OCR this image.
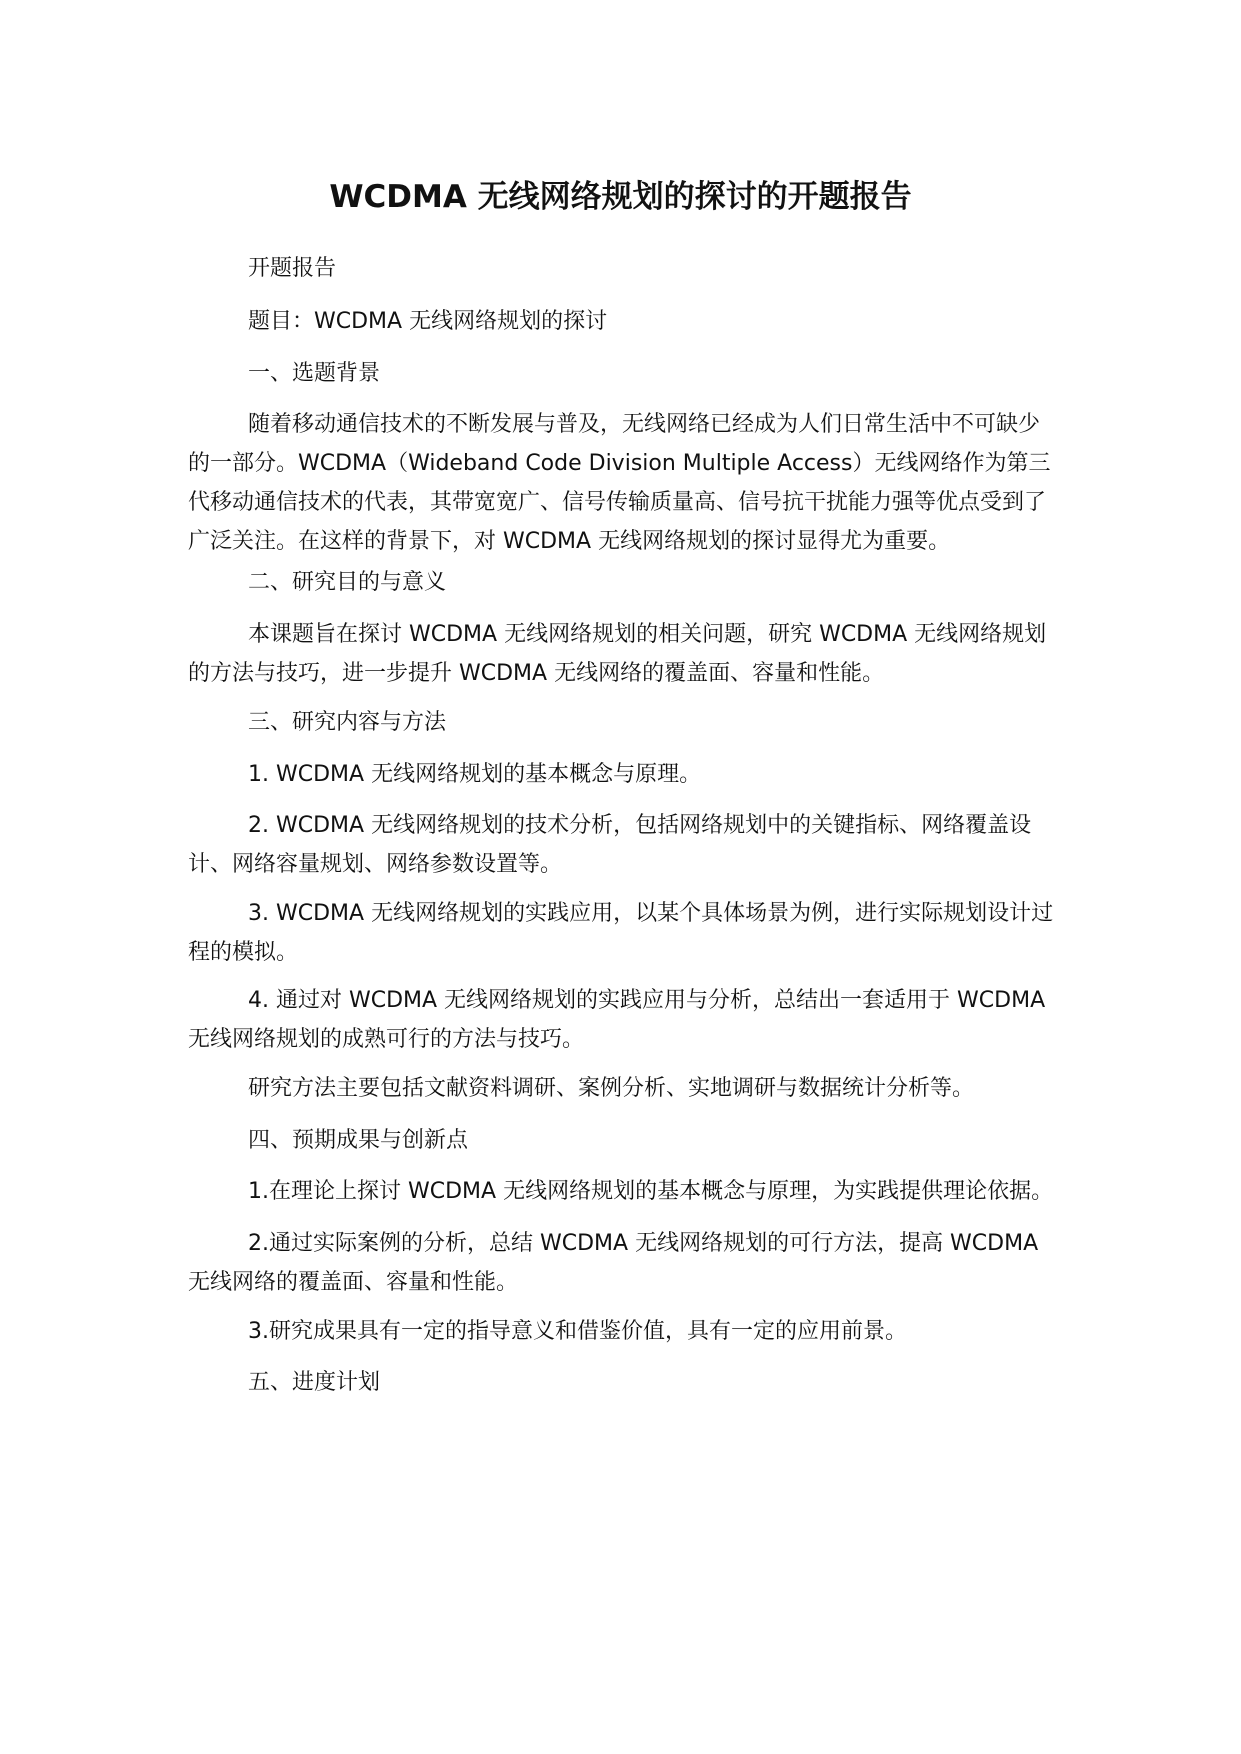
WCDMA 无线网络规划的探讨的开题报告
开题报告
题目：WCDMA 无线网络规划的探讨
一、选题背景
随着移动通信技术的不断发展与普及，无线网络已经成为人们日常生活中不可缺少的一部分。WCDMA（Wideband Code Division Multiple Access）无线网络作为第三代移动通信技术的代表，其带宽宽广、信号传输质量高、信号抗干扰能力强等优点受到了广泛关注。在这样的背景下，对 WCDMA 无线网络规划的探讨显得尤为重要。
二、研究目的与意义
本课题旨在探讨 WCDMA 无线网络规划的相关问题，研究 WCDMA 无线网络规划的方法与技巧，进一步提升 WCDMA 无线网络的覆盖面、容量和性能。
三、研究内容与方法
1. WCDMA 无线网络规划的基本概念与原理。
2. WCDMA 无线网络规划的技术分析，包括网络规划中的关键指标、网络覆盖设计、网络容量规划、网络参数设置等。
3. WCDMA 无线网络规划的实践应用，以某个具体场景为例，进行实际规划设计过程的模拟。
4. 通过对 WCDMA 无线网络规划的实践应用与分析，总结出一套适用于 WCDMA 无线网络规划的成熟可行的方法与技巧。
研究方法主要包括文献资料调研、案例分析、实地调研与数据统计分析等。
四、预期成果与创新点
1.在理论上探讨 WCDMA 无线网络规划的基本概念与原理，为实践提供理论依据。
2.通过实际案例的分析，总结 WCDMA 无线网络规划的可行方法，提高 WCDMA 无线网络的覆盖面、容量和性能。
3.研究成果具有一定的指导意义和借鉴价值，具有一定的应用前景。
五、进度计划
